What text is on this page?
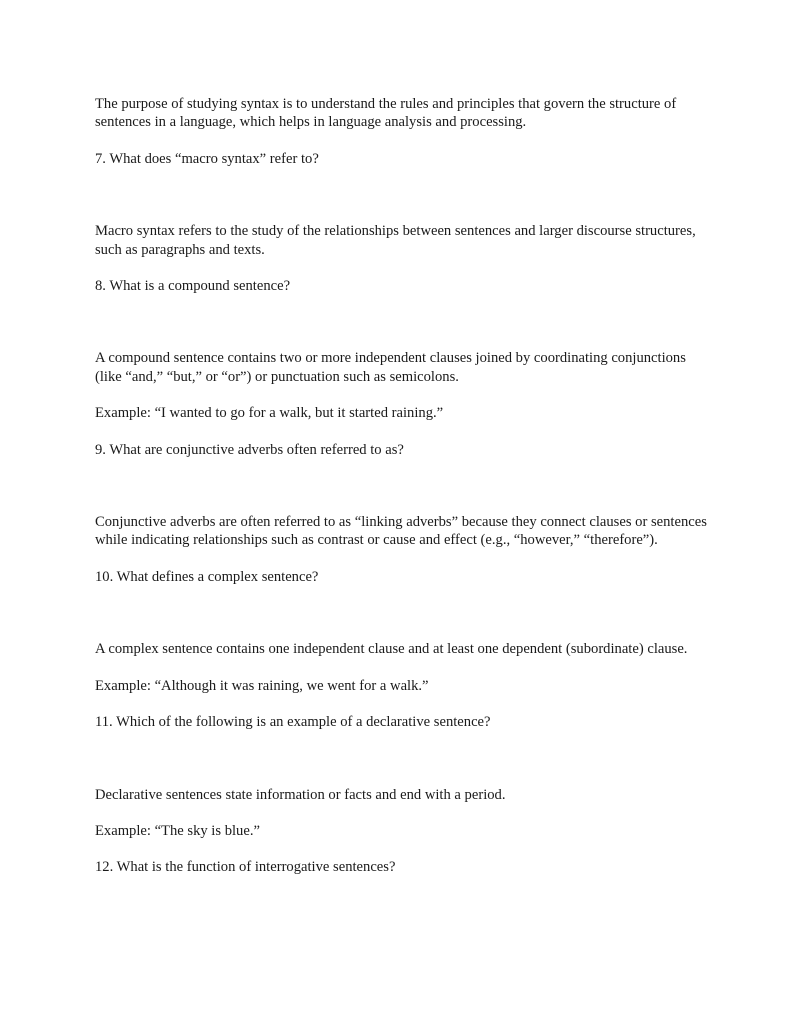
The purpose of studying syntax is to understand the rules and principles that govern the structure of sentences in a language, which helps in language analysis and processing.

7. What does “macro syntax” refer to?

Macro syntax refers to the study of the relationships between sentences and larger discourse structures, such as paragraphs and texts.

8. What is a compound sentence?

A compound sentence contains two or more independent clauses joined by coordinating conjunctions (like “and,” “but,” or “or”) or punctuation such as semicolons.

Example: “I wanted to go for a walk, but it started raining.”

9. What are conjunctive adverbs often referred to as?

Conjunctive adverbs are often referred to as “linking adverbs” because they connect clauses or sentences while indicating relationships such as contrast or cause and effect (e.g., “however,” “therefore”).

10. What defines a complex sentence?

A complex sentence contains one independent clause and at least one dependent (subordinate) clause.

Example: “Although it was raining, we went for a walk.”

11. Which of the following is an example of a declarative sentence?

Declarative sentences state information or facts and end with a period.

Example: “The sky is blue.”

12. What is the function of interrogative sentences?
